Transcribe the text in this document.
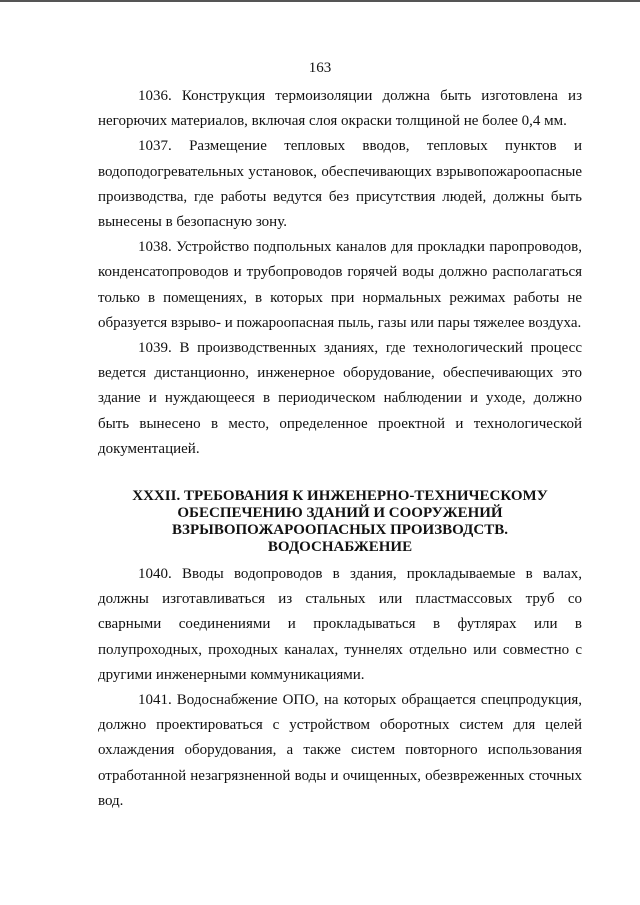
163

1036. Конструкция термоизоляции должна быть изготовлена из негорючих материалов, включая слоя окраски толщиной не более 0,4 мм.

1037. Размещение тепловых вводов, тепловых пунктов и водоподогревательных установок, обеспечивающих взрывопожароопасные производства, где работы ведутся без присутствия людей, должны быть вынесены в безопасную зону.

1038. Устройство подпольных каналов для прокладки паропроводов, конденсатопроводов и трубопроводов горячей воды должно располагаться только в помещениях, в которых при нормальных режимах работы не образуется взрыво- и пожароопасная пыль, газы или пары тяжелее воздуха.

1039. В производственных зданиях, где технологический процесс ведется дистанционно, инженерное оборудование, обеспечивающих это здание и нуждающееся в периодическом наблюдении и уходе, должно быть вынесено в место, определенное проектной и технологической документацией.

XXXII. ТРЕБОВАНИЯ К ИНЖЕНЕРНО-ТЕХНИЧЕСКОМУ
ОБЕСПЕЧЕНИЮ ЗДАНИЙ И СООРУЖЕНИЙ
ВЗРЫВОПОЖАРООПАСНЫХ ПРОИЗВОДСТВ.
ВОДОСНАБЖЕНИЕ

1040. Вводы водопроводов в здания, прокладываемые в валах, должны изготавливаться из стальных или пластмассовых труб со сварными соединениями и прокладываться в футлярах или в полупроходных, проходных каналах, туннелях отдельно или совместно с другими инженерными коммуникациями.

1041. Водоснабжение ОПО, на которых обращается спецпродукция, должно проектироваться с устройством оборотных систем для целей охлаждения оборудования, а также систем повторного использования отработанной незагрязненной воды и очищенных, обезвреженных сточных вод.
